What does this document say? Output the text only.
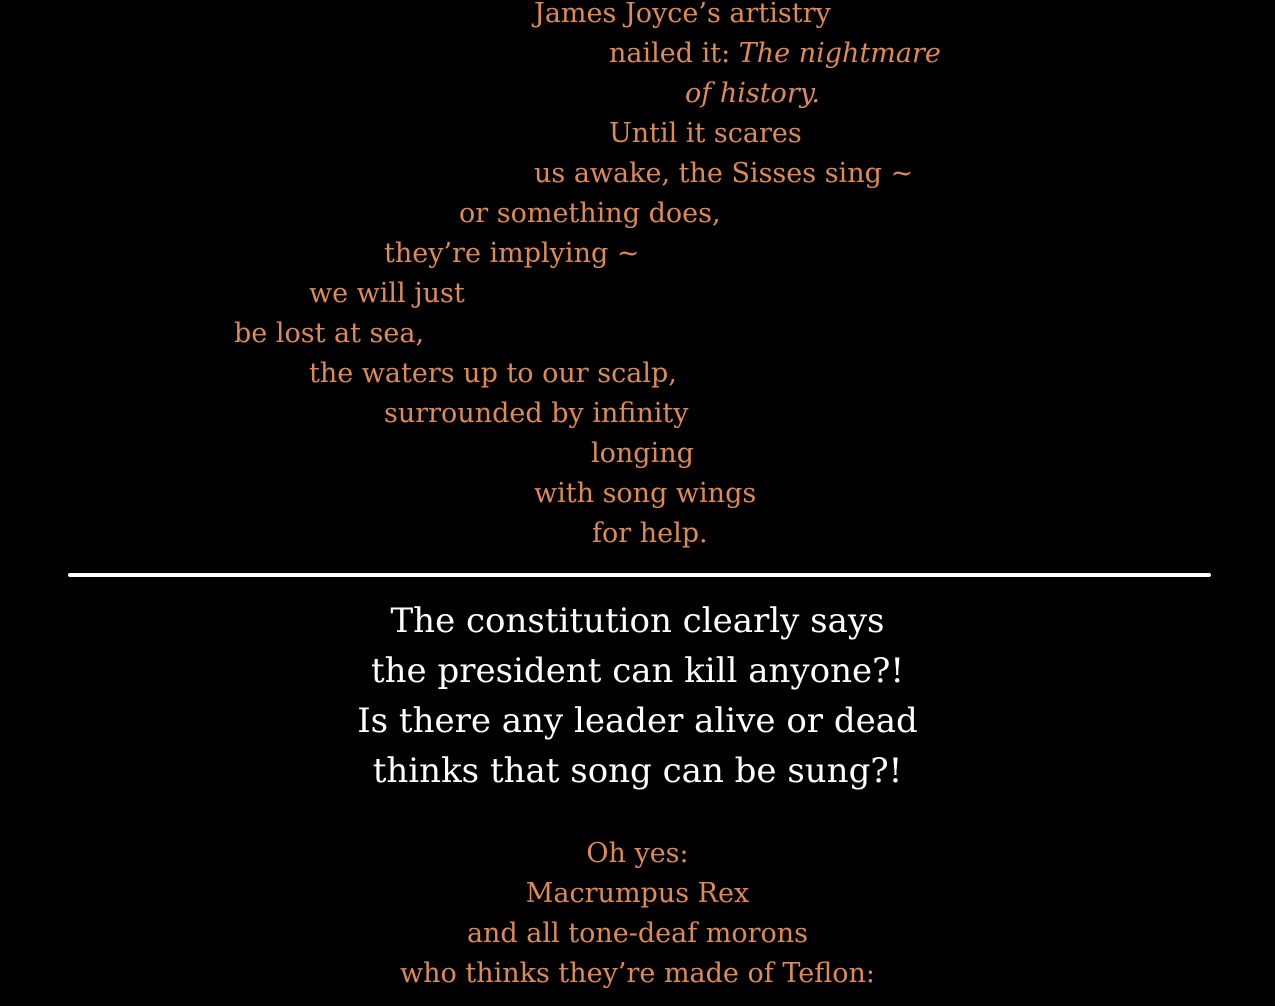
James Joyce’s artistry

nailed it: The nightmare

of history.

Until it scares

us awake, the Sisses sing ~

or something does,

they’re implying ~

we will just

be lost at sea,

the waters up to our scalp,

surrounded by infinity

longing

with song wings

for help.

The constitution clearly says
the president can kill anyone?!
Is there any leader alive or dead
thinks that song can be sung?!

Oh yes:
Macrumpus Rex
and all tone-deaf morons
who thinks they’re made of Teflon:
